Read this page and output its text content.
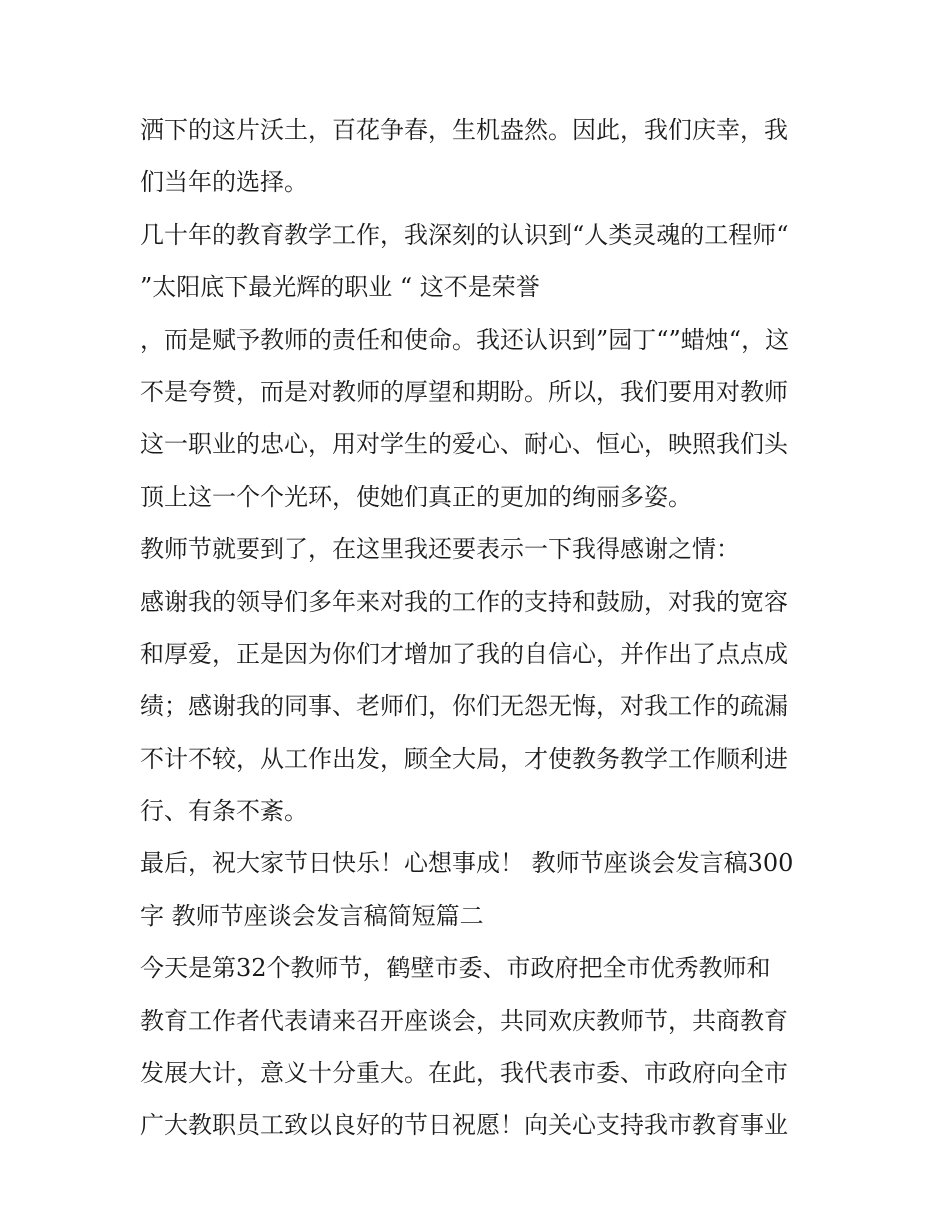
洒下的这片沃土，百花争春，生机盎然。因此，我们庆幸，我
们当年的选择。
几十年的教育教学工作，我深刻的认识到“人类灵魂的工程师“
”太阳底下最光辉的职业 “ 这不是荣誉
，而是赋予教师的责任和使命。我还认识到”园丁“”蜡烛“，这
不是夸赞，而是对教师的厚望和期盼。所以，我们要用对教师
这一职业的忠心，用对学生的爱心、耐心、恒心，映照我们头
顶上这一个个光环，使她们真正的更加的绚丽多姿。
教师节就要到了，在这里我还要表示一下我得感谢之情：
感谢我的领导们多年来对我的工作的支持和鼓励，对我的宽容
和厚爱，正是因为你们才增加了我的自信心，并作出了点点成
绩；感谢我的同事、老师们，你们无怨无悔，对我工作的疏漏
不计不较，从工作出发，顾全大局，才使教务教学工作顺利进
行、有条不紊。
最后，祝大家节日快乐！心想事成！ 教师节座谈会发言稿300
字 教师节座谈会发言稿简短篇二
今天是第32个教师节，鹤壁市委、市政府把全市优秀教师和
教育工作者代表请来召开座谈会，共同欢庆教师节，共商教育
发展大计，意义十分重大。在此，我代表市委、市政府向全市
广大教职员工致以良好的节日祝愿！向关心支持我市教育事业
